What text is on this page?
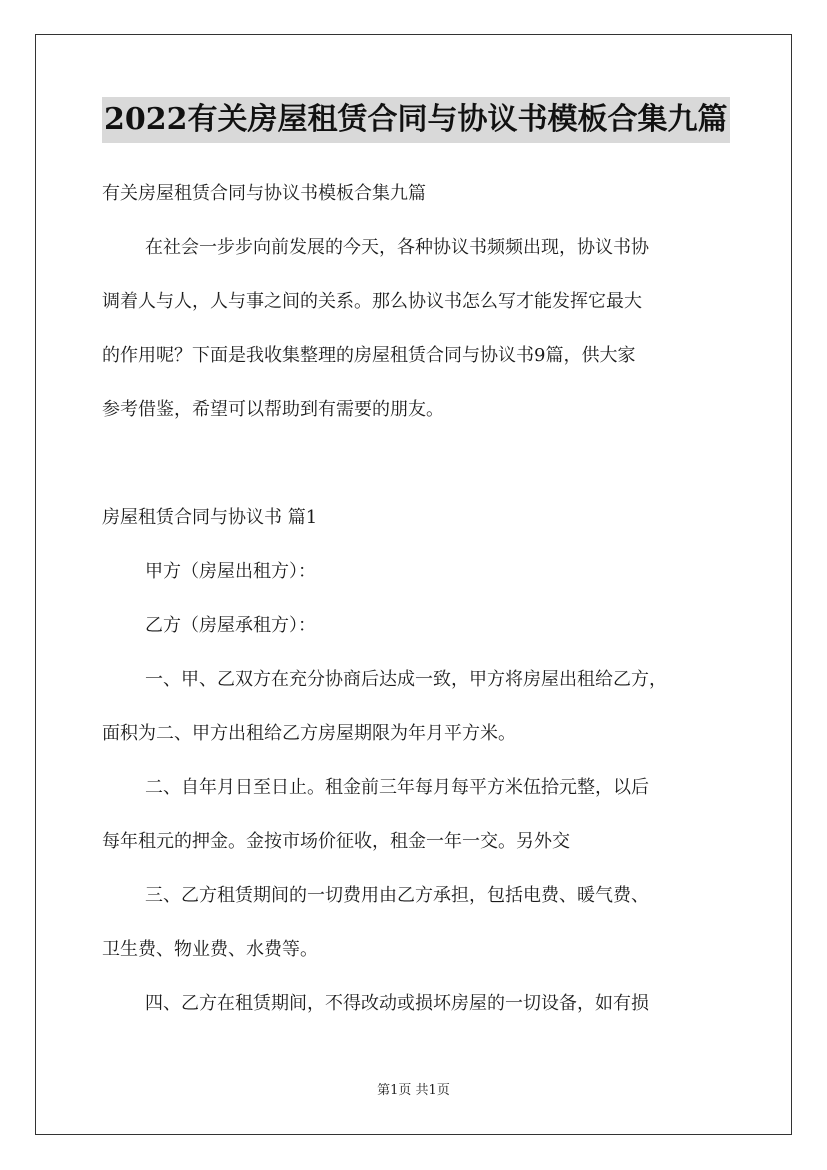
2022有关房屋租赁合同与协议书模板合集九篇
有关房屋租赁合同与协议书模板合集九篇
在社会一步步向前发展的今天，各种协议书频频出现，协议书协
调着人与人，人与事之间的关系。那么协议书怎么写才能发挥它最大
的作用呢？下面是我收集整理的房屋租赁合同与协议书9篇，供大家
参考借鉴，希望可以帮助到有需要的朋友。
房屋租赁合同与协议书 篇1
甲方（房屋出租方）：
乙方（房屋承租方）：
一、甲、乙双方在充分协商后达成一致，甲方将房屋出租给乙方，
面积为二、甲方出租给乙方房屋期限为年月平方米。
二、自年月日至日止。租金前三年每月每平方米伍拾元整，以后
每年租元的押金。金按市场价征收，租金一年一交。另外交
三、乙方租赁期间的一切费用由乙方承担，包括电费、暖气费、
卫生费、物业费、水费等。
四、乙方在租赁期间，不得改动或损坏房屋的一切设备，如有损
第1页 共1页
